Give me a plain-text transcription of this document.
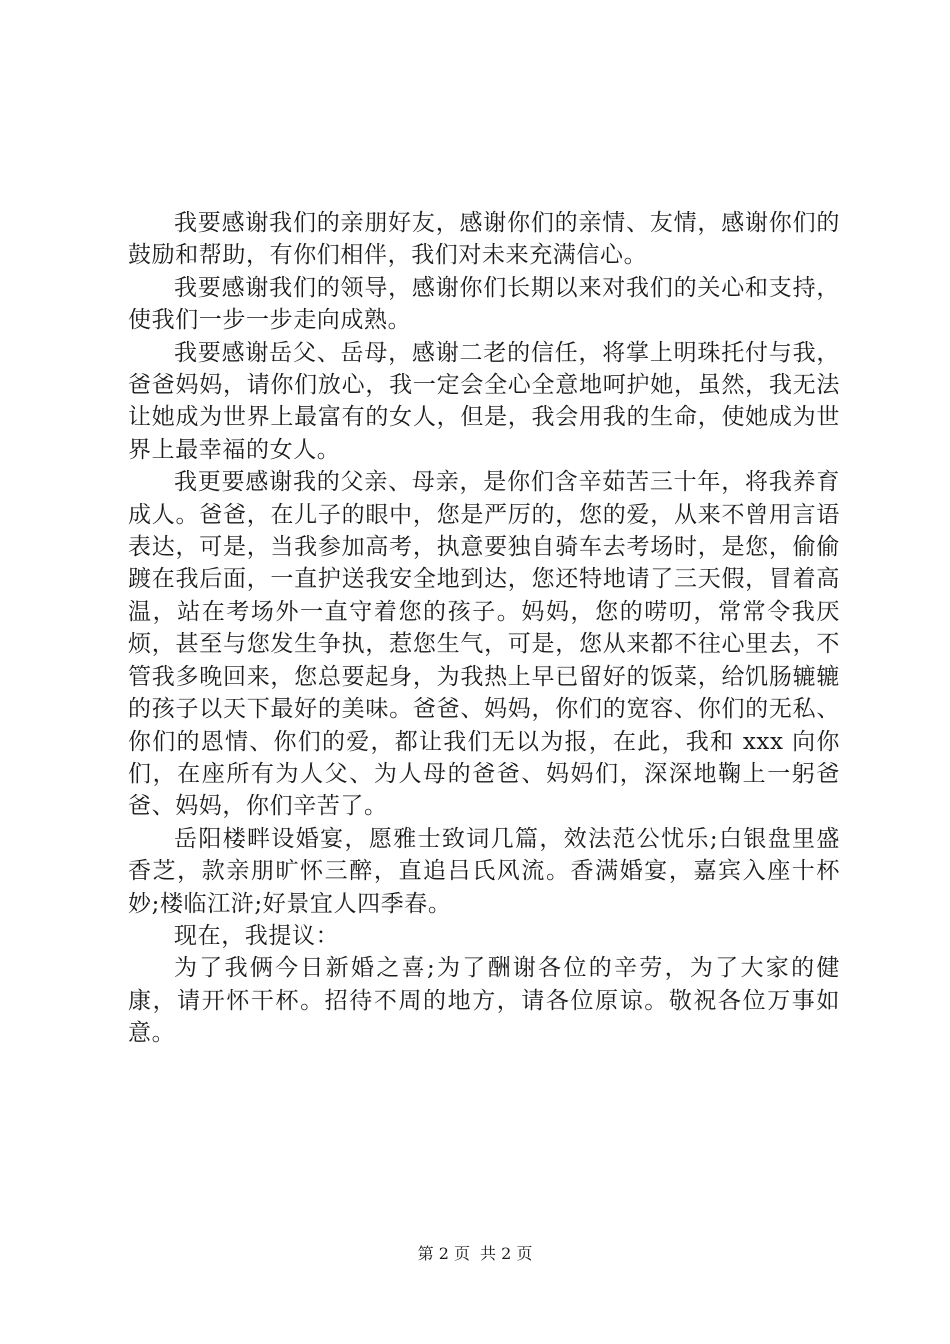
我要感谢我们的亲朋好友，感谢你们的亲情、友情，感谢你们的鼓励和帮助，有你们相伴，我们对未来充满信心。

我要感谢我们的领导，感谢你们长期以来对我们的关心和支持，使我们一步一步走向成熟。

我要感谢岳父、岳母，感谢二老的信任，将掌上明珠托付与我，爸爸妈妈，请你们放心，我一定会全心全意地呵护她，虽然，我无法让她成为世界上最富有的女人，但是，我会用我的生命，使她成为世界上最幸福的女人。

我更要感谢我的父亲、母亲，是你们含辛茹苦三十年，将我养育成人。爸爸，在儿子的眼中，您是严厉的，您的爱，从来不曾用言语表达，可是，当我参加高考，执意要独自骑车去考场时，是您，偷偷踱在我后面，一直护送我安全地到达，您还特地请了三天假，冒着高温，站在考场外一直守着您的孩子。妈妈，您的唠叨，常常令我厌烦，甚至与您发生争执，惹您生气，可是，您从来都不往心里去，不管我多晚回来，您总要起身，为我热上早已留好的饭菜，给饥肠辘辘的孩子以天下最好的美味。爸爸、妈妈，你们的宽容、你们的无私、你们的恩情、你们的爱，都让我们无以为报，在此，我和 xxx 向你们，在座所有为人父、为人母的爸爸、妈妈们，深深地鞠上一躬爸爸、妈妈，你们辛苦了。

岳阳楼畔设婚宴，愿雅士致词几篇，效法范公忧乐;白银盘里盛香芝，款亲朋旷怀三醉，直追吕氏风流。香满婚宴，嘉宾入座十杯妙;楼临江浒;好景宜人四季春。

现在，我提议：

为了我俩今日新婚之喜;为了酬谢各位的辛劳，为了大家的健康，请开怀干杯。招待不周的地方，请各位原谅。敬祝各位万事如意。

第 2 页 共 2 页
